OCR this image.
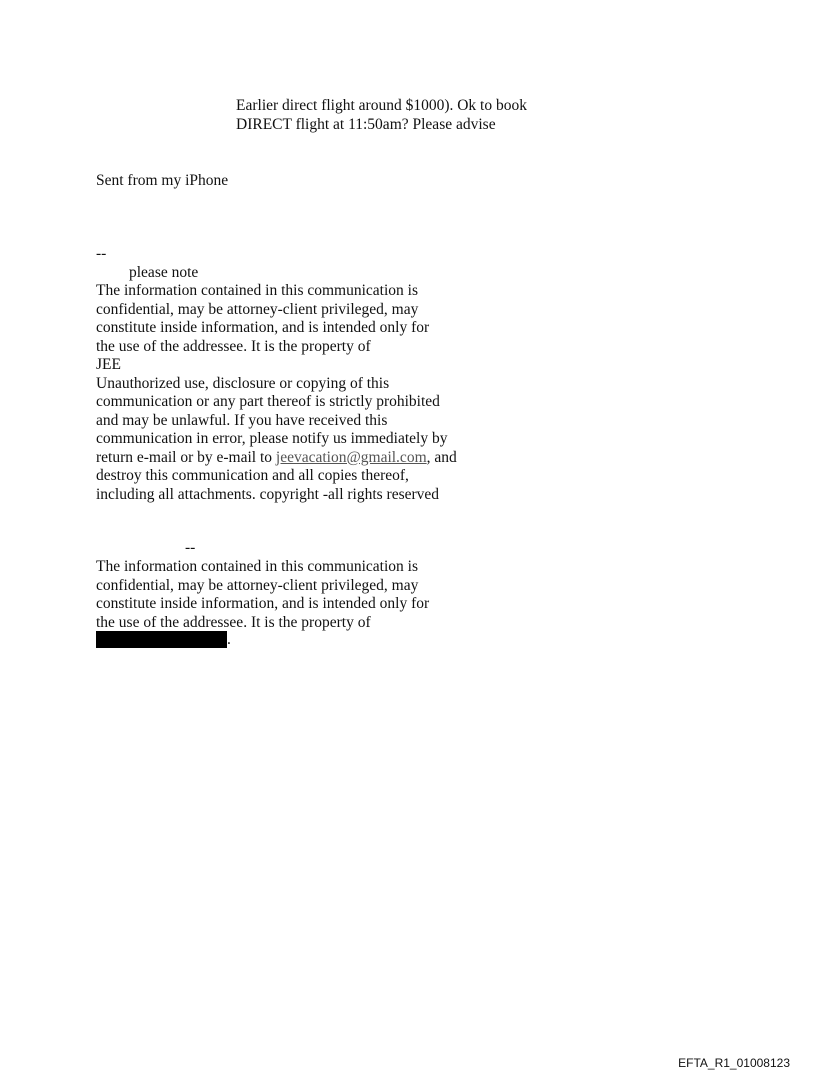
Earlier direct flight around $1000). Ok to book
DIRECT flight at 11:50am? Please advise
Sent from my iPhone
--
please note
The information contained in this communication is
confidential, may be attorney-client privileged, may
constitute inside information, and is intended only for
the use of the addressee. It is the property of
JEE
Unauthorized use, disclosure or copying of this
communication or any part thereof is strictly prohibited
and may be unlawful. If you have received this
communication in error, please notify us immediately by
return e-mail or by e-mail to jeevacation@gmail.com, and
destroy this communication and all copies thereof,
including all attachments. copyright -all rights reserved
--
The information contained in this communication is
confidential, may be attorney-client privileged, may
constitute inside information, and is intended only for
the use of the addressee. It is the property of
.
EFTA_R1_01008123
